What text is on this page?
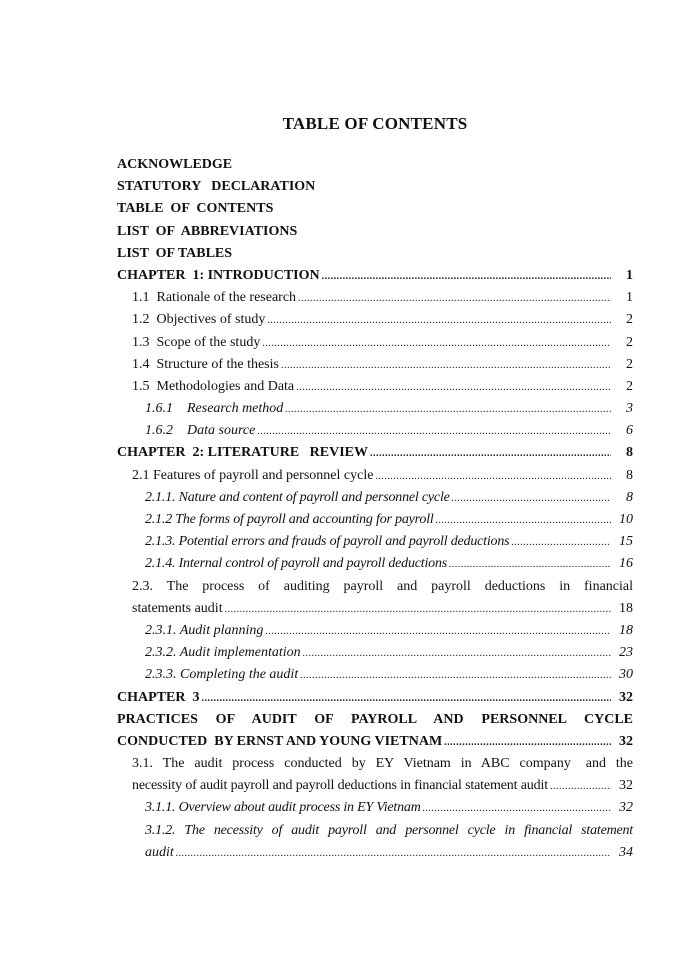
TABLE OF CONTENTS
ACKNOWLEDGE
STATUTORY   DECLARATION
TABLE  OF  CONTENTS
LIST  OF  ABBREVIATIONS
LIST  OF TABLES
CHAPTER  1: INTRODUCTION .....	1
1.1  Rationale of the research .....	1
1.2  Objectives of study .....	2
1.3  Scope of the study .....	2
1.4  Structure of the thesis .....	2
1.5  Methodologies and Data .....	2
1.6.1    Research method .....	3
1.6.2    Data source .....	6
CHAPTER  2: LITERATURE   REVIEW .....	8
2.1 Features of payroll and personnel cycle .....	8
2.1.1. Nature and content of payroll and personnel cycle .....	8
2.1.2 The forms of payroll and accounting for payroll .....	10
2.1.3. Potential errors and frauds of payroll and payroll deductions .....	15
2.1.4. Internal control of payroll and payroll deductions .....	16
2.3.  The  process  of  auditing  payroll  and  payroll  deductions  in  financial
statements audit .....	18
2.3.1. Audit planning .....	18
2.3.2. Audit implementation .....	23
2.3.3. Completing the audit .....	30
CHAPTER  3 .....	32
PRACTICES   OF   AUDIT   OF   PAYROLL   AND   PERSONNEL   CYCLE
CONDUCTED  BY ERNST AND YOUNG VIETNAM .....	32
3.1.  The  audit  process  conducted  by  EY  Vietnam  in  ABC  company   and  the
necessity of audit payroll and payroll deductions in financial statement audit .....	32
3.1.1. Overview about audit process in EY Vietnam .....	32
3.1.2. The necessity of audit payroll and personnel cycle in financial statement
audit .....	34
